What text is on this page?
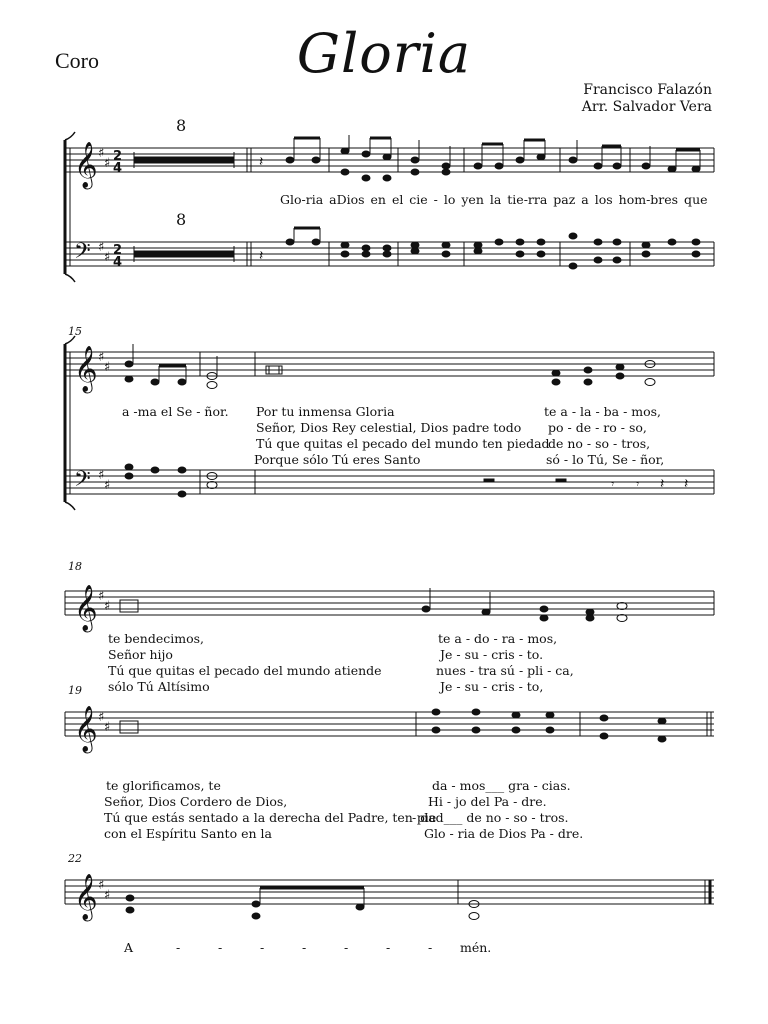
Coro	Gloria
Francisco Falazón
Arr. Salvador Vera
𝄞 ♯
♯ 2
4
𝄢 ♯
♯ 2
4
𝄞 ♯
♯
𝄢 ♯
♯
𝄞 ♯
♯
𝄞 ♯
♯
𝄞 ♯
♯
𝄽
𝄽
𝄾 𝄾 𝄽 𝄽
8
8
Glo-ria aDios en el cie - lo yen la tie-rra paz a los hom-bres que
15
a -ma el Se - ñor. Por tu inmensa Gloria	te a - la - ba - mos,
Señor, Dios Rey celestial, Dios padre todo po - de - ro - so,
Tú que quitas el pecado del mundo ten piedad
de no - so - tros,
Porque sólo Tú eres Santo	só - lo Tú, Se - ñor,
18
te bendecimos,	te a - do - ra - mos,
Señor hijo	Je - su - cris - to.
Tú que quitas el pecado del mundo atiende	nues - tra sú - pli - ca,
sólo Tú Altísimo	Je - su - cris - to,
19
te glorificamos, te	da - mos___ gra - cias.
Señor, Dios Cordero de Dios,	Hi - jo del Pa - dre.
Tú que estás sentado a la derecha del Padre, ten pie
- dad___ de no - so - tros.
con el Espíritu Santo en la	Glo - ria de Dios Pa - dre.
22
A	-	-	-	-	-	-	- mén.
